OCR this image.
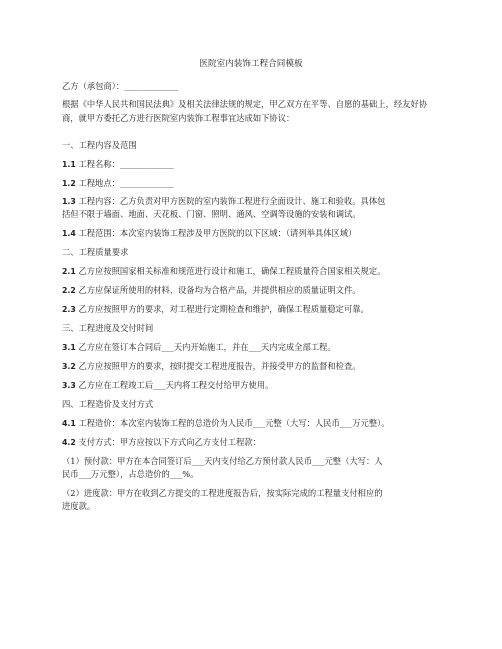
医院室内装饰工程合同模板
乙方（承包商）：_____________
根据《中华人民共和国民法典》及相关法律法规的规定，甲乙双方在平等、自愿的基础上，经友好协商，就甲方委托乙方进行医院室内装饰工程事宜达成如下协议：
一、工程内容及范围
1.1 工程名称：_____________
1.2 工程地点：_____________
1.3 工程内容：乙方负责对甲方医院的室内装饰工程进行全面设计、施工和验收。具体包
括但不限于墙面、地面、天花板、门窗、照明、通风、空调等设施的安装和调试。
1.4 工程范围：本次室内装饰工程涉及甲方医院的以下区域：（请列举具体区域）
二、工程质量要求
2.1 乙方应按照国家相关标准和规范进行设计和施工，确保工程质量符合国家相关规定。
2.2 乙方应保证所使用的材料、设备均为合格产品，并提供相应的质量证明文件。
2.3 乙方应按照甲方的要求，对工程进行定期检查和维护，确保工程质量稳定可靠。
三、工程进度及交付时间
3.1 乙方应在签订本合同后___天内开始施工，并在___天内完成全部工程。
3.2 乙方应按照甲方的要求，按时提交工程进度报告，并接受甲方的监督和检查。
3.3 乙方应在工程竣工后___天内将工程交付给甲方使用。
四、工程造价及支付方式
4.1 工程造价：本次室内装饰工程的总造价为人民币___元整（大写：人民币___万元整）。
4.2 支付方式：甲方应按以下方式向乙方支付工程款：
（1）预付款：甲方在本合同签订后___天内支付给乙方预付款人民币___元整（大写：人
民币___万元整），占总造价的___%。
（2）进度款：甲方在收到乙方提交的工程进度报告后，按实际完成的工程量支付相应的
进度款。
